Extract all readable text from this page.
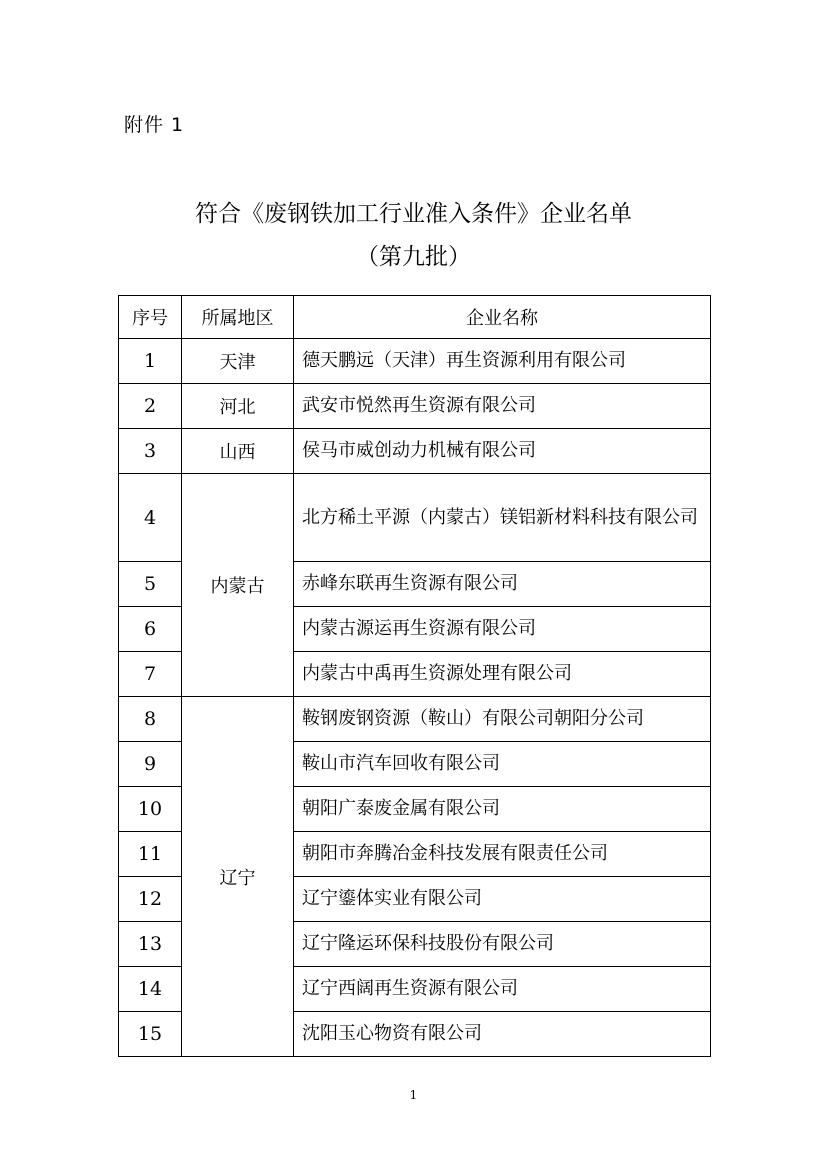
附件 1
符合《废钢铁加工行业准入条件》企业名单
（第九批）
序号	所属地区	企业名称
1	天津	德天鹏远（天津）再生资源利用有限公司
2	河北	武安市悦然再生资源有限公司
3	山西	侯马市威创动力机械有限公司
4	内蒙古	北方稀土平源（内蒙古）镁铝新材料科技有限公司
5		赤峰东联再生资源有限公司
6		内蒙古源运再生资源有限公司
7		内蒙古中禹再生资源处理有限公司
8	辽宁	鞍钢废钢资源（鞍山）有限公司朝阳分公司
9		鞍山市汽车回收有限公司
10		朝阳广泰废金属有限公司
11		朝阳市奔腾冶金科技发展有限责任公司
12		辽宁鎏体实业有限公司
13		辽宁隆运环保科技股份有限公司
14		辽宁西阔再生资源有限公司
15		沈阳玉心物资有限公司
1
